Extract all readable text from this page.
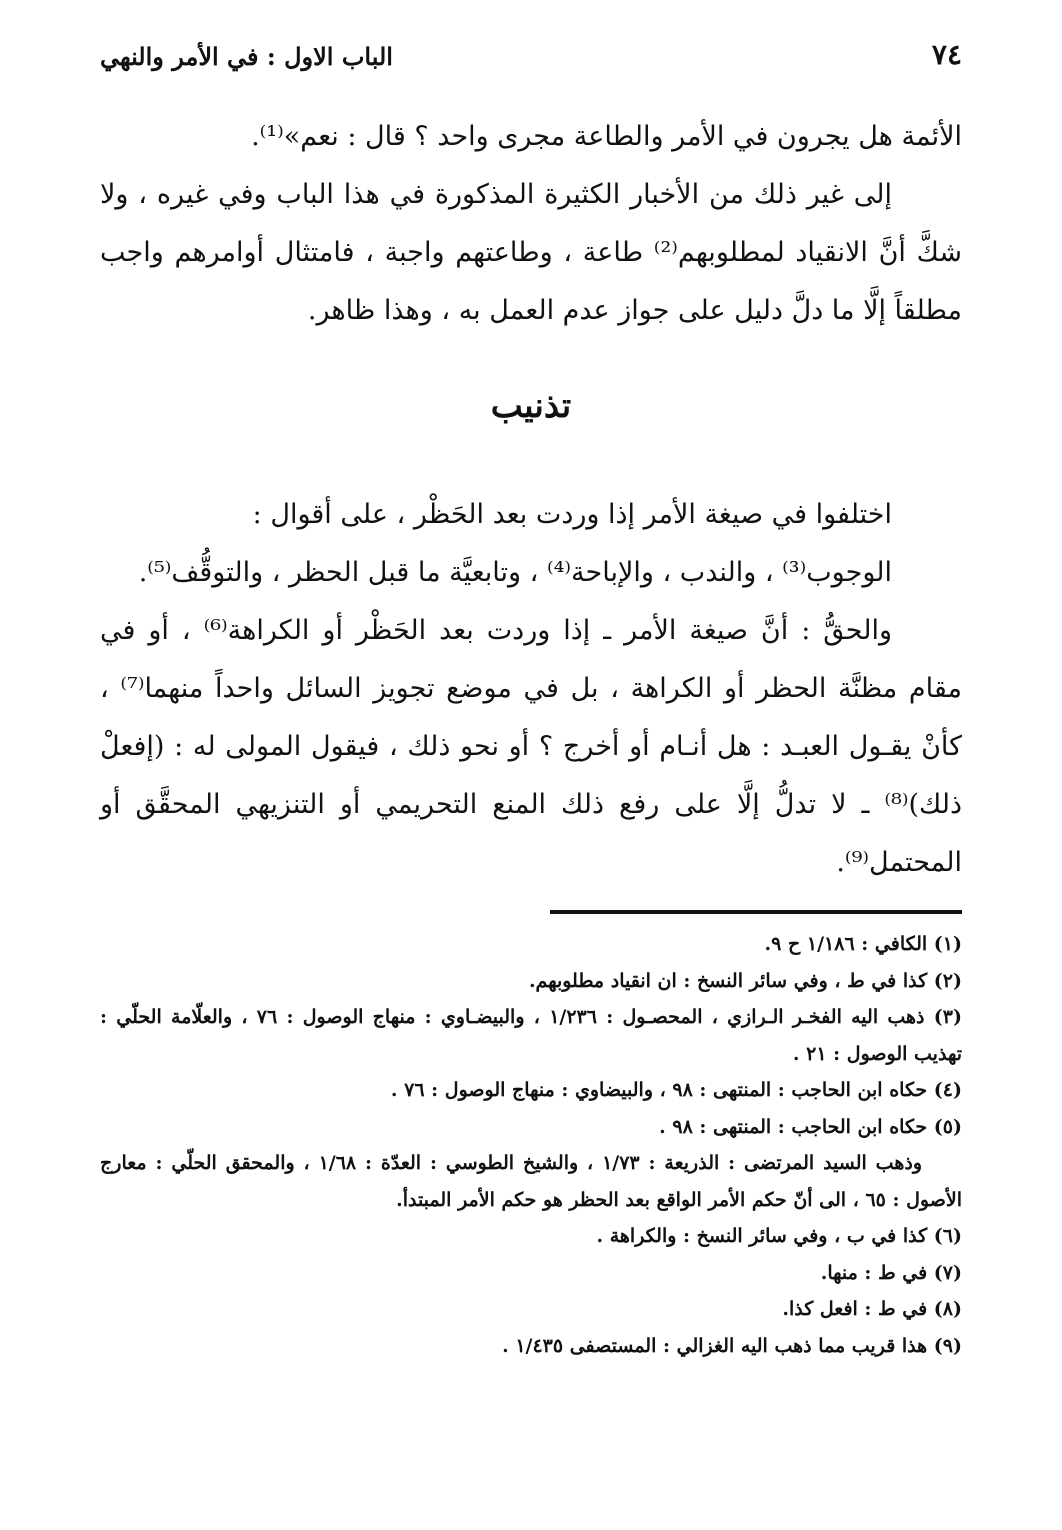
٧٤
الباب الاول : في الأمر والنهي

الأئمة هل يجرون في الأمر والطاعة مجرى واحد ؟ قال : نعم»⁽¹⁾.

إلى غير ذلك من الأخبار الكثيرة المذكورة في هذا الباب وفي غيره ، ولا شكَّ أنَّ الانقياد لمطلوبهم⁽²⁾ طاعة ، وطاعتهم واجبة ، فامتثال أوامرهم واجب مطلقاً إلَّا ما دلَّ دليل على جواز عدم العمل به ، وهذا ظاهر.

تذنيب

اختلفوا في صيغة الأمر إذا وردت بعد الحَظْر ، على أقوال :

الوجوب⁽³⁾ ، والندب ، والإباحة⁽⁴⁾ ، وتابعيَّة ما قبل الحظر ، والتوقُّف⁽⁵⁾.

والحقُّ : أنَّ صيغة الأمر ـ إذا وردت بعد الحَظْر أو الكراهة⁽⁶⁾ ، أو في مقام مظنَّة الحظر أو الكراهة ، بل في موضع تجويز السائل واحداً منهما⁽⁷⁾ ، كأنْ يقـول العبـد : هل أنـام أو أخرج ؟ أو نحو ذلك ، فيقول المولى له : (إفعلْ ذلك)⁽⁸⁾ ـ لا تدلُّ إلَّا على رفع ذلك المنع التحريمي أو التنزيهي المحقَّق أو المحتمل⁽⁹⁾.

(١) الكافي : ١/١٨٦ ح ٩.

(٢) كذا في ط ، وفي سائر النسخ : ان انقياد مطلوبهم.

(٣) ذهب اليه الفخـر الـرازي ، المحصـول : ١/٢٣٦ ، والبيضـاوي : منهاج الوصول : ٧٦ ، والعلّامة الحلّي : تهذيب الوصول : ٢١ .

(٤) حكاه ابن الحاجب : المنتهى : ٩٨ ، والبيضاوي : منهاج الوصول : ٧٦ .

(٥) حكاه ابن الحاجب : المنتهى : ٩٨ .

وذهب السيد المرتضى : الذريعة : ١/٧٣ ، والشيخ الطوسي : العدّة : ١/٦٨ ، والمحقق الحلّي : معارج الأصول : ٦٥ ، الى أنّ حكم الأمر الواقع بعد الحظر هو حكم الأمر المبتدأ.

(٦) كذا في ب ، وفي سائر النسخ : والكراهة .

(٧) في ط : منها.

(٨) في ط : افعل كذا.

(٩) هذا قريب مما ذهب اليه الغزالي : المستصفى ١/٤٣٥ .
